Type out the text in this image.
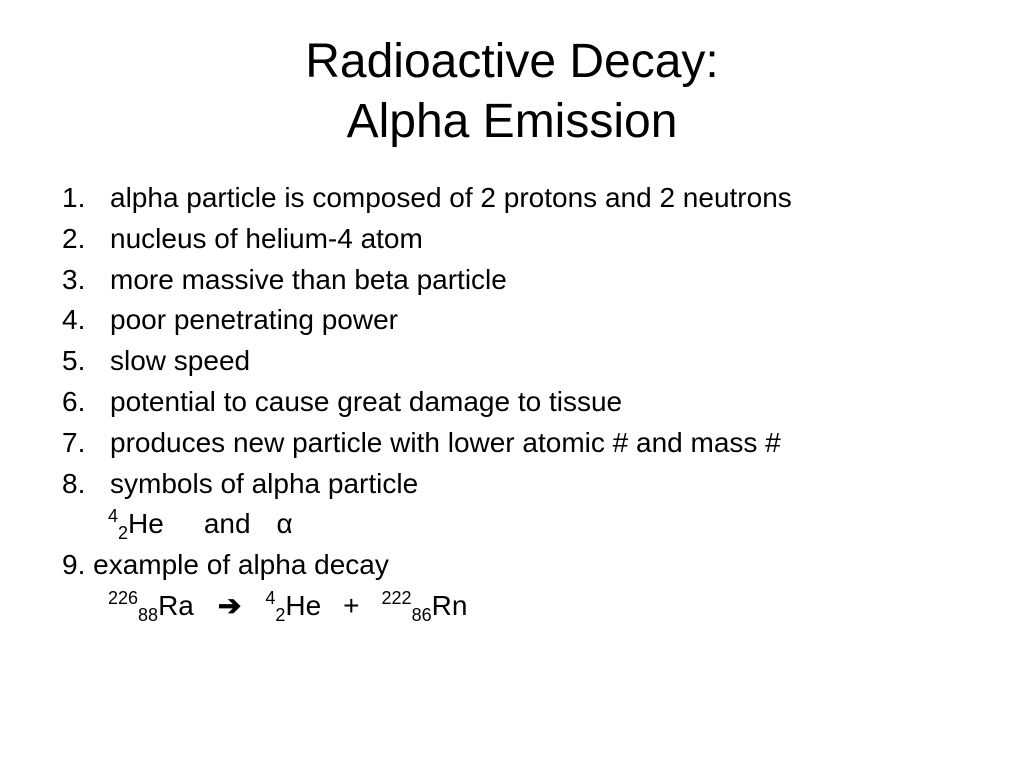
Radioactive Decay:
Alpha Emission
1. alpha particle is composed of 2 protons and 2 neutrons
2. nucleus of helium-4 atom
3. more massive than beta particle
4. poor penetrating power
5. slow speed
6. potential to cause great damage to tissue
7. produces new particle with lower atomic # and mass #
8. symbols of alpha particle
$^4_2$He and α
9. example of alpha decay
$^{226}_{88}$Ra ➔ $^4_2$He + $^{222}_{86}$Rn
